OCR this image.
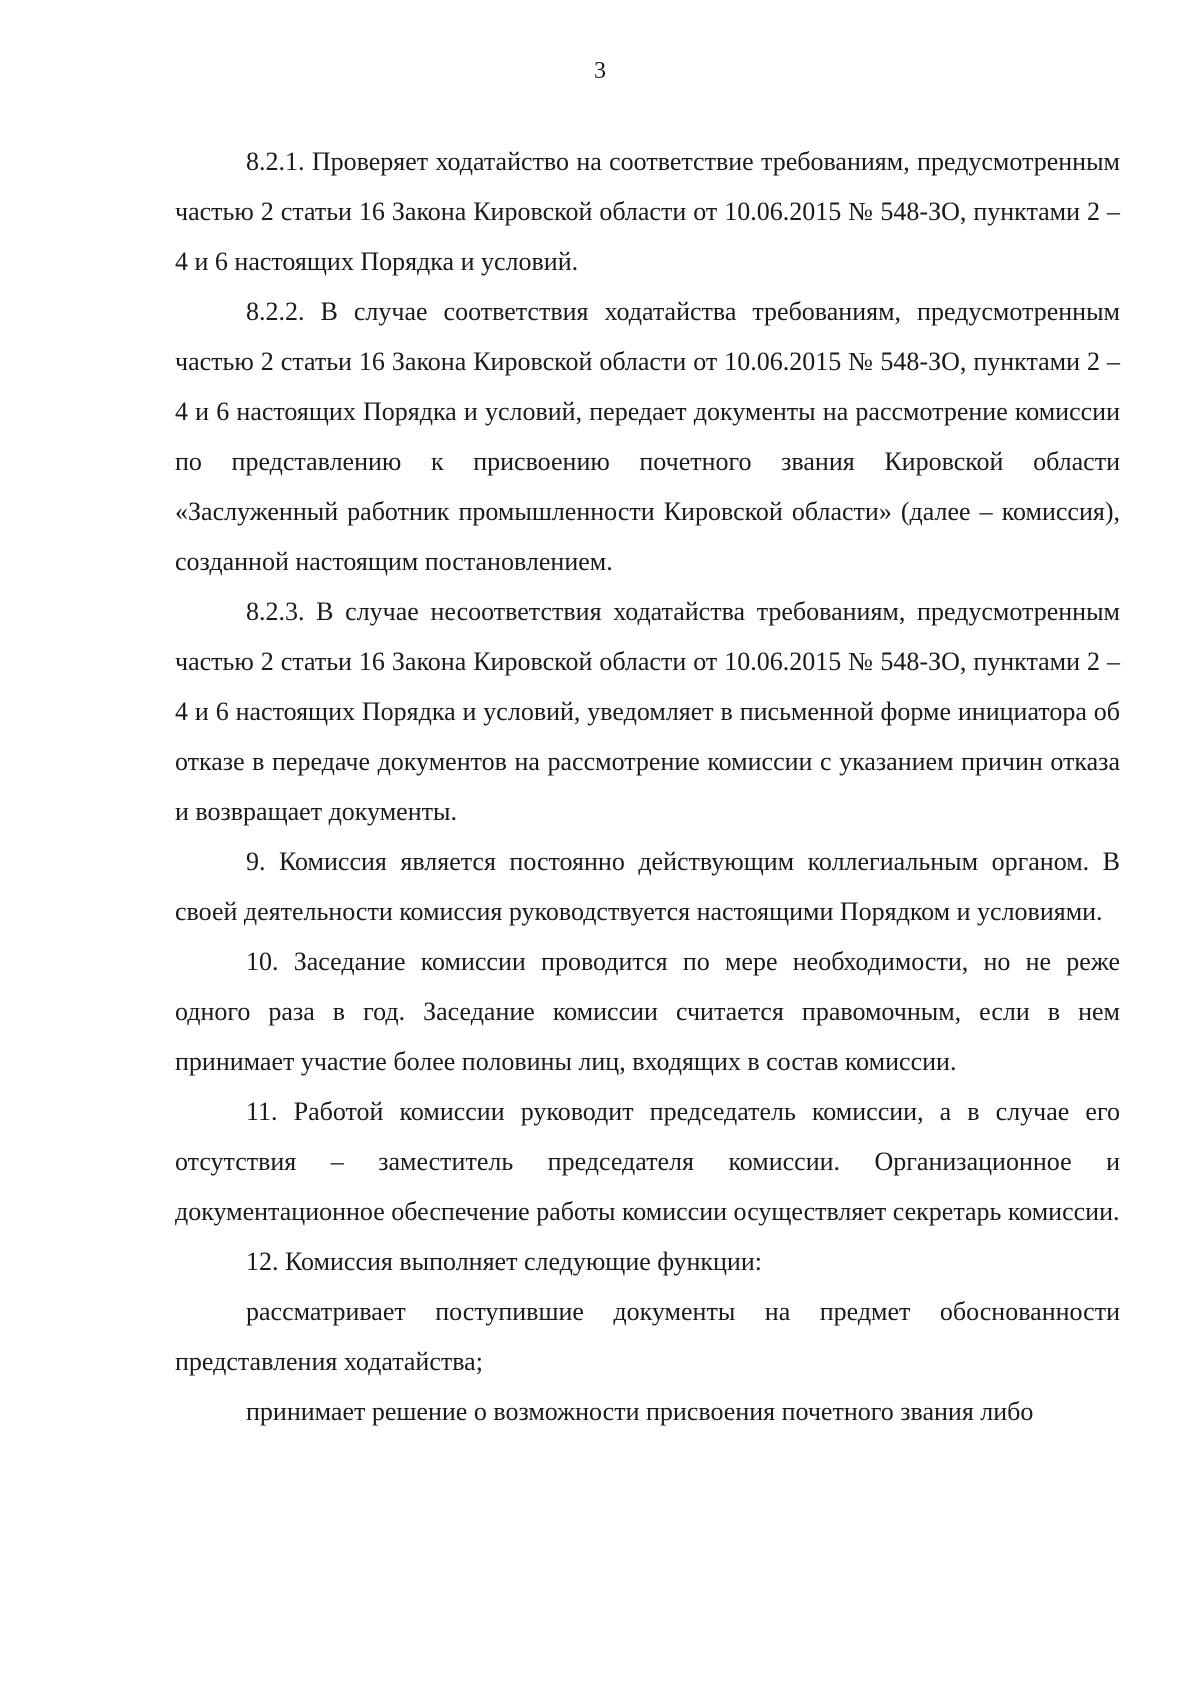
3

8.2.1. Проверяет ходатайство на соответствие требованиям, предусмотренным частью 2 статьи 16 Закона Кировской области от 10.06.2015 № 548-ЗО, пунктами 2 – 4 и 6 настоящих Порядка и условий.

8.2.2. В случае соответствия ходатайства требованиям, предусмотренным частью 2 статьи 16 Закона Кировской области от 10.06.2015 № 548-ЗО, пунктами 2 – 4 и 6 настоящих Порядка и условий, передает документы на рассмотрение комиссии по представлению к присвоению почетного звания Кировской области «Заслуженный работник промышленности Кировской области» (далее – комиссия), созданной настоящим постановлением.

8.2.3. В случае несоответствия ходатайства требованиям, предусмотренным частью 2 статьи 16 Закона Кировской области от 10.06.2015 № 548-ЗО, пунктами 2 – 4 и 6 настоящих Порядка и условий, уведомляет в письменной форме инициатора об отказе в передаче документов на рассмотрение комиссии с указанием причин отказа и возвращает документы.

9. Комиссия является постоянно действующим коллегиальным органом. В своей деятельности комиссия руководствуется настоящими Порядком и условиями.

10. Заседание комиссии проводится по мере необходимости, но не реже одного раза в год. Заседание комиссии считается правомочным, если в нем принимает участие более половины лиц, входящих в состав комиссии.

11. Работой комиссии руководит председатель комиссии, а в случае его отсутствия – заместитель председателя комиссии. Организационное и документационное обеспечение работы комиссии осуществляет секретарь комиссии.

12. Комиссия выполняет следующие функции:

рассматривает поступившие документы на предмет обоснованности представления ходатайства;

принимает решение о возможности присвоения почетного звания либо
